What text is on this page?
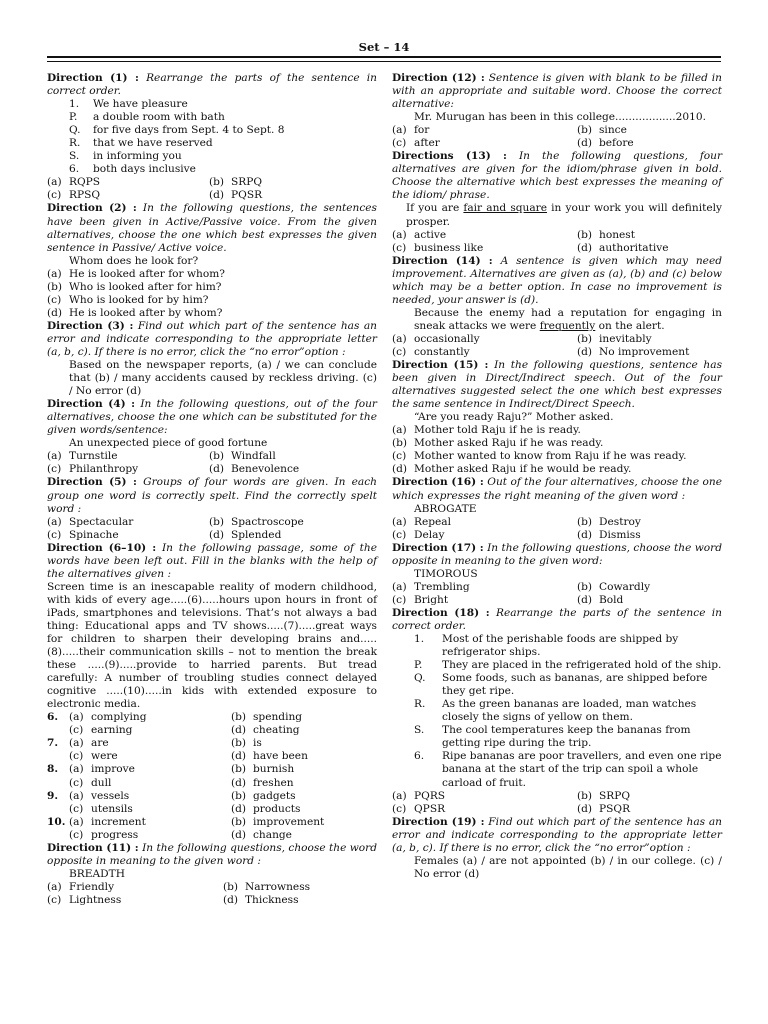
Set – 14
Direction (1) : Rearrange the parts of the sentence in correct order.
1.	We have pleasure
P.	a double room with bath
Q.	for five days from Sept. 4 to Sept. 8
R.	that we have reserved
S.	in informing you
6.	both days inclusive
(a) RQPS	(b) SRPQ
(c) RPSQ	(d) PQSR
Direction (2) : In the following questions, the sentences have been given in Active/Passive voice. From the given alternatives, choose the one which best expresses the given sentence in Passive/ Active voice.
Whom does he look for?
(a) He is looked after for whom?
(b) Who is looked after for him?
(c) Who is looked for by him?
(d) He is looked after by whom?
Direction (3) : Find out which part of the sentence has an error and indicate corresponding to the appropriate letter (a, b, c). If there is no error, click the “no error”option :
Based on the newspaper reports, (a) / we can conclude that (b) / many accidents caused by reckless driving. (c) / No error (d)
Direction (4) : In the following questions, out of the four alternatives, choose the one which can be substituted for the given words/sentence:
An unexpected piece of good fortune
(a) Turnstile	(b) Windfall
(c) Philanthropy	(d) Benevolence
Direction (5) : Groups of four words are given. In each group one word is correctly spelt. Find the correctly spelt word :
(a) Spectacular	(b) Spactroscope
(c) Spinache	(d) Splended
Direction (6–10) : In the following passage, some of the words have been left out. Fill in the blanks with the help of the alternatives given :
Screen time is an inescapable reality of modern childhood, with kids of every age.....(6).....hours upon hours in front of iPads, smartphones and televisions. That’s not always a bad thing: Educational apps and TV shows.....(7).....great ways for children to sharpen their developing brains and.....(8).....their communication skills – not to mention the break these .....(9).....provide to harried parents. But tread carefully: A number of troubling studies connect delayed cognitive .....(10).....in kids with extended exposure to electronic media.
6.	(a) complying	(b) spending
(c) earning	(d) cheating
7.	(a) are	(b) is
(c) were	(d) have been
8.	(a) improve	(b) burnish
(c) dull	(d) freshen
9.	(a) vessels	(b) gadgets
(c) utensils	(d) products
10. (a) increment	(b) improvement
(c) progress	(d) change
Direction (11) : In the following questions, choose the word opposite in meaning to the given word :
BREADTH
(a) Friendly	(b) Narrowness
(c) Lightness	(d) Thickness
Direction (12) : Sentence is given with blank to be filled in with an appropriate and suitable word. Choose the correct alternative:
Mr. Murugan has been in this college..................2010.
(a) for	(b) since
(c) after	(d) before
Directions (13) : In the following questions, four alternatives are given for the idiom/phrase given in bold. Choose the alternative which best expresses the meaning of the idiom/ phrase.
If you are fair and square in your work you will definitely prosper.
(a) active	(b) honest
(c) business like	(d) authoritative
Direction (14) : A sentence is given which may need improvement. Alternatives are given as (a), (b) and (c) below which may be a better option. In case no improvement is needed, your answer is (d).
Because the enemy had a reputation for engaging in sneak attacks we were frequently on the alert.
(a) occasionally	(b) inevitably
(c) constantly	(d) No improvement
Direction (15) : In the following questions, sentence has been given in Direct/Indirect speech. Out of the four alternatives suggested select the one which best expresses the same sentence in Indirect/Direct Speech.
“Are you ready Raju?” Mother asked.
(a) Mother told Raju if he is ready.
(b) Mother asked Raju if he was ready.
(c) Mother wanted to know from Raju if he was ready.
(d) Mother asked Raju if he would be ready.
Direction (16) : Out of the four alternatives, choose the one which expresses the right meaning of the given word :
ABROGATE
(a) Repeal	(b) Destroy
(c) Delay	(d) Dismiss
Direction (17) : In the following questions, choose the word opposite in meaning to the given word:
TIMOROUS
(a) Trembling	(b) Cowardly
(c) Bright	(d) Bold
Direction (18) : Rearrange the parts of the sentence in correct order.
1.	Most of the perishable foods are shipped by refrigerator ships.
P.	They are placed in the refrigerated hold of the ship.
Q.	Some foods, such as bananas, are shipped before they get ripe.
R.	As the green bananas are loaded, man watches closely the signs of yellow on them.
S.	The cool temperatures keep the bananas from getting ripe during the trip.
6.	Ripe bananas are poor travellers, and even one ripe banana at the start of the trip can spoil a whole carload of fruit.
(a) PQRS	(b) SRPQ
(c) QPSR	(d) PSQR
Direction (19) : Find out which part of the sentence has an error and indicate corresponding to the appropriate letter (a, b, c). If there is no error, click the “no error”option :
Females (a) / are not appointed (b) / in our college. (c) / No error (d)
